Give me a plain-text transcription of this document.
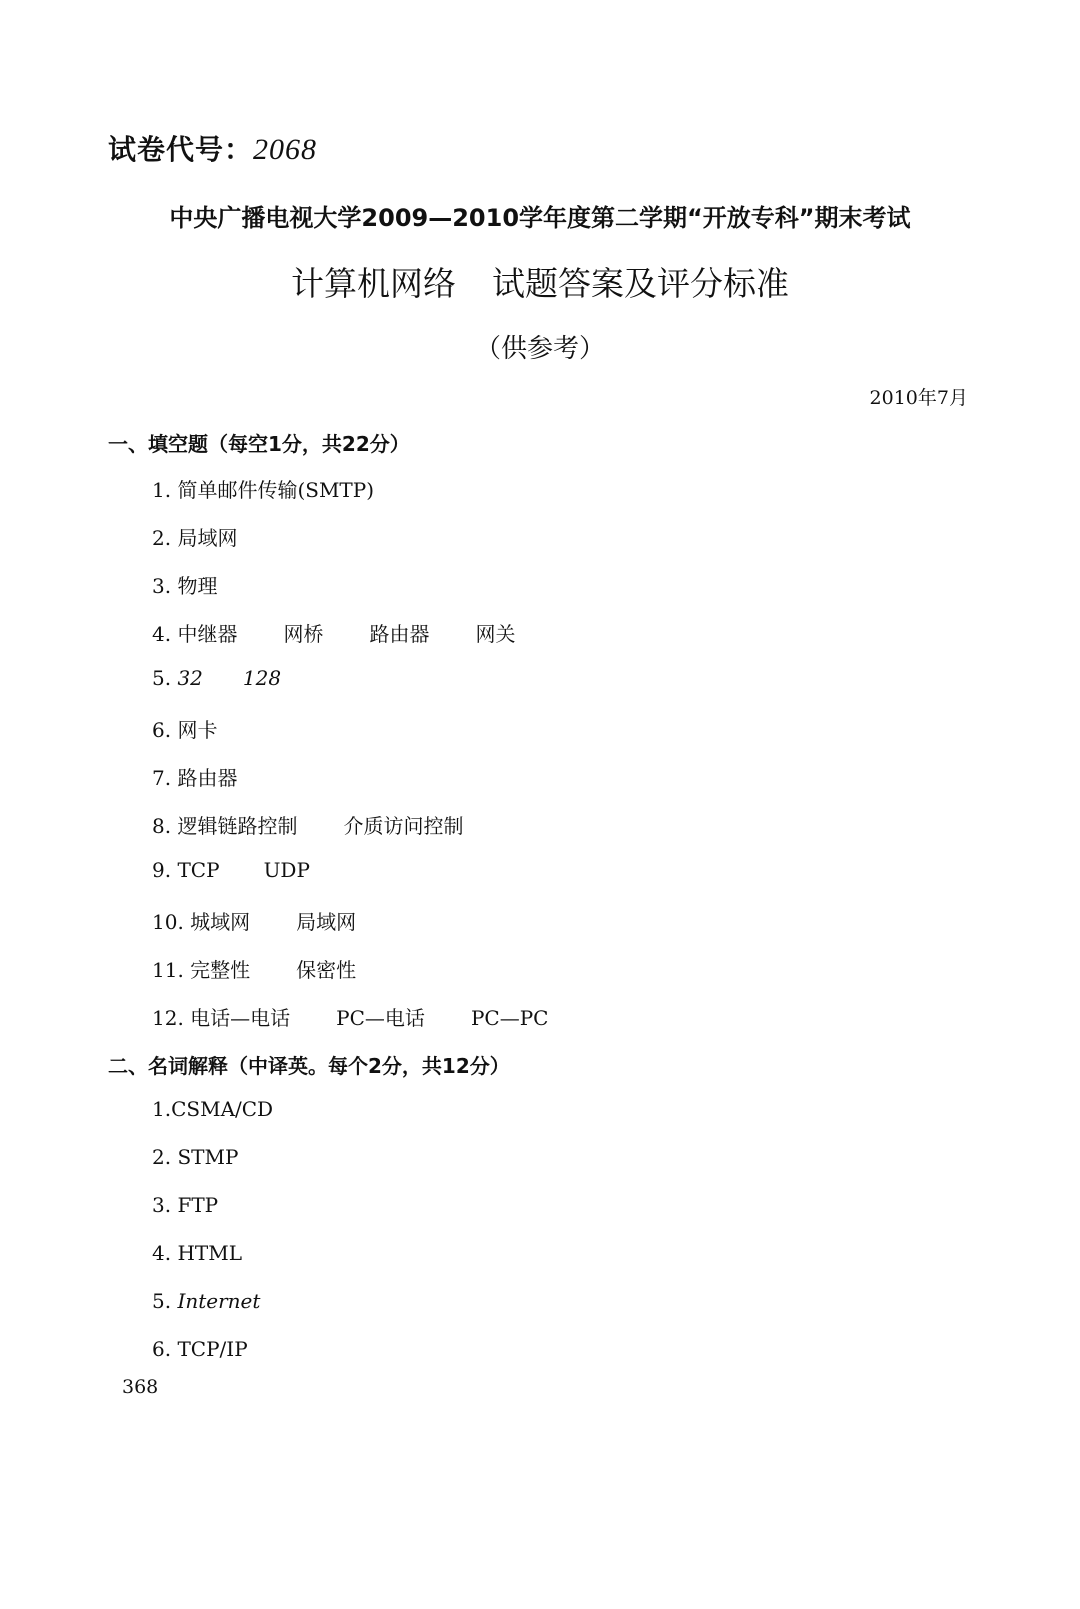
试卷代号：2068
中央广播电视大学2009—2010学年度第二学期“开放专科”期末考试
计算机网络 试题答案及评分标准
（供参考）
2010年7月
一、填空题（每空1分，共22分）
1. 简单邮件传输(SMTP)
2. 局域网
3. 物理
4. 中继器 网桥 路由器 网关
5. 32 128
6. 网卡
7. 路由器
8. 逻辑链路控制 介质访问控制
9. TCP UDP
10. 城域网 局域网
11. 完整性 保密性
12. 电话—电话 PC—电话 PC—PC
二、名词解释（中译英。每个2分，共12分）
1.CSMA/CD
2. STMP
3. FTP
4. HTML
5. Internet
6. TCP/IP
368
